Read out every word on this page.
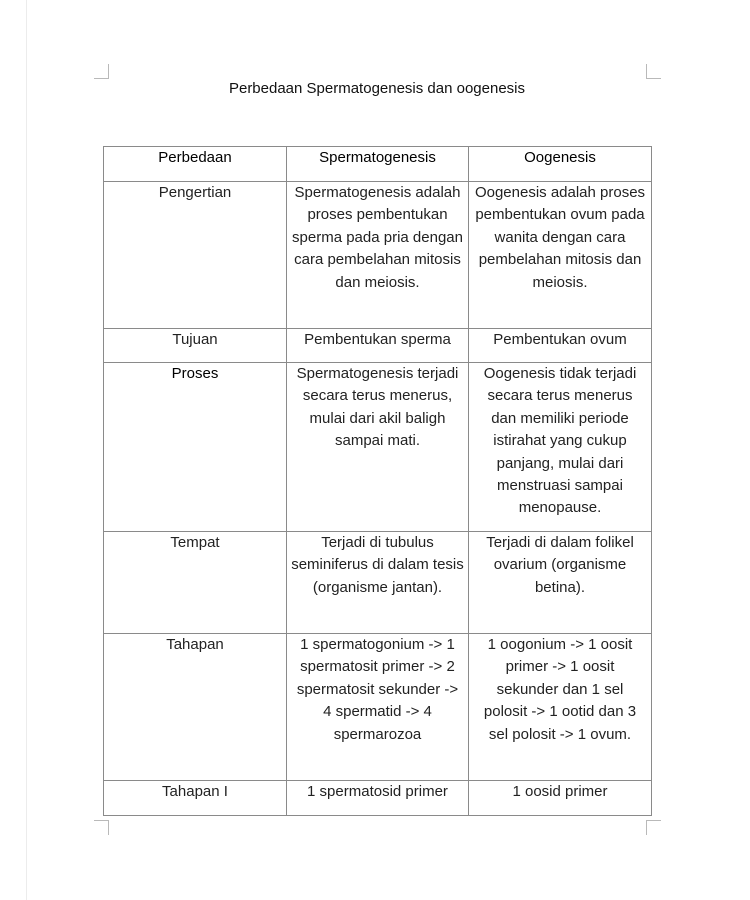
Perbedaan Spermatogenesis dan oogenesis
Perbedaan	Spermatogenesis	Oogenesis
Pengertian	Spermatogenesis adalah proses pembentukan sperma pada pria dengan cara pembelahan mitosis dan meiosis.	Oogenesis adalah proses pembentukan ovum pada wanita dengan cara pembelahan mitosis dan meiosis.
Tujuan	Pembentukan sperma	Pembentukan ovum
Proses	Spermatogenesis terjadi secara terus menerus, mulai dari akil baligh sampai mati.	Oogenesis tidak terjadi secara terus menerus dan memiliki periode istirahat yang cukup panjang, mulai dari menstruasi sampai menopause.
Tempat	Terjadi di tubulus seminiferus di dalam tesis (organisme jantan).	Terjadi di dalam folikel ovarium (organisme betina).
Tahapan	1 spermatogonium -> 1 spermatosit primer -> 2 spermatosit sekunder -> 4 spermatid -> 4 spermarozoa	1 oogonium -> 1 oosit primer -> 1 oosit sekunder dan 1 sel polosit -> 1 ootid dan 3 sel polosit -> 1 ovum.
Tahapan I	1 spermatosid primer	1 oosid primer
